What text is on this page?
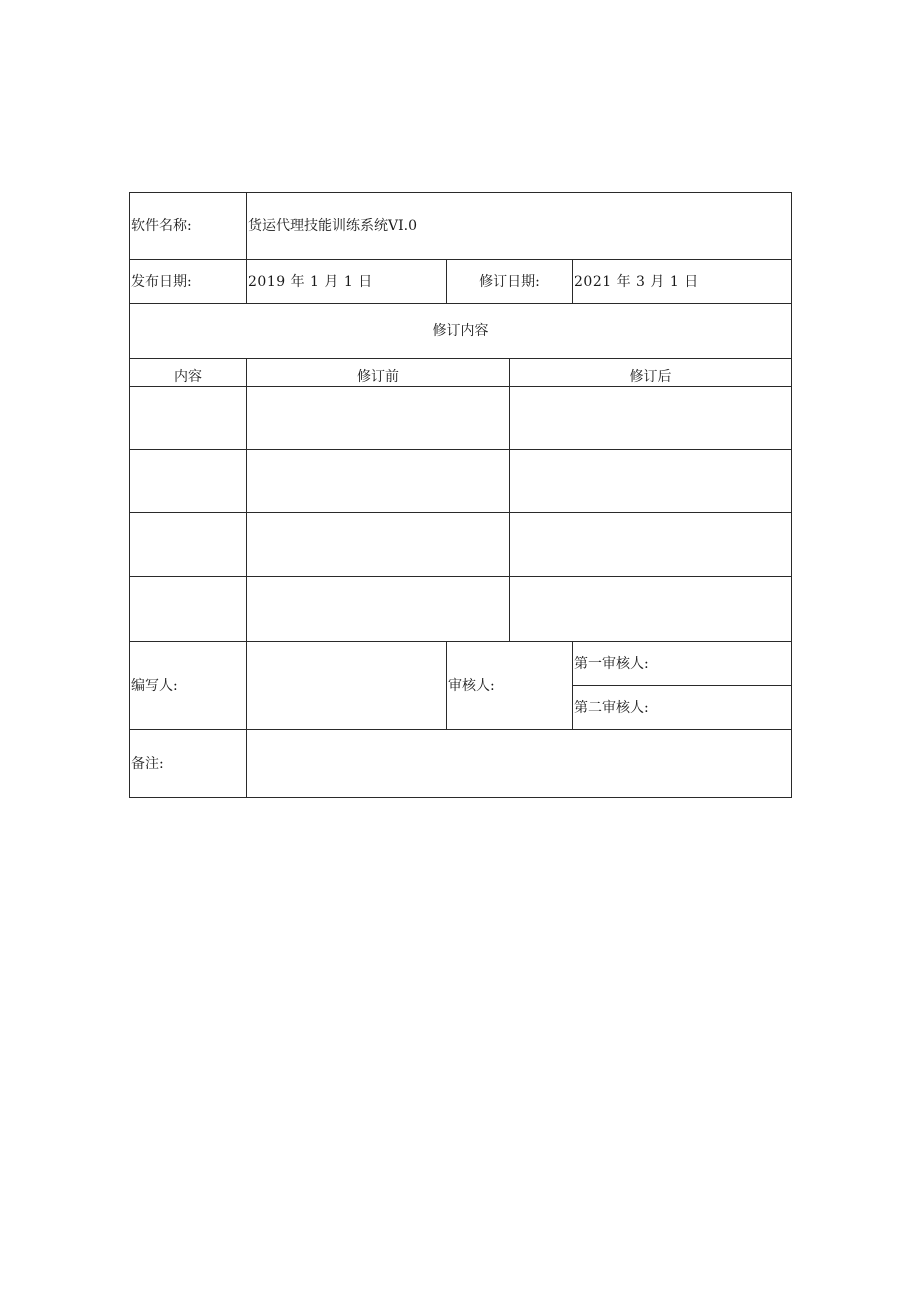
软件名称:	货运代理技能训练系统VI.0			
发布日期:	2019 年 1 月 1 日	修订日期:		2021 年 3 月 1 日
修订内容				
内容	修订前		修订后	

编写人:		审核人:		第一审核人:
				第二审核人:
备注:				
